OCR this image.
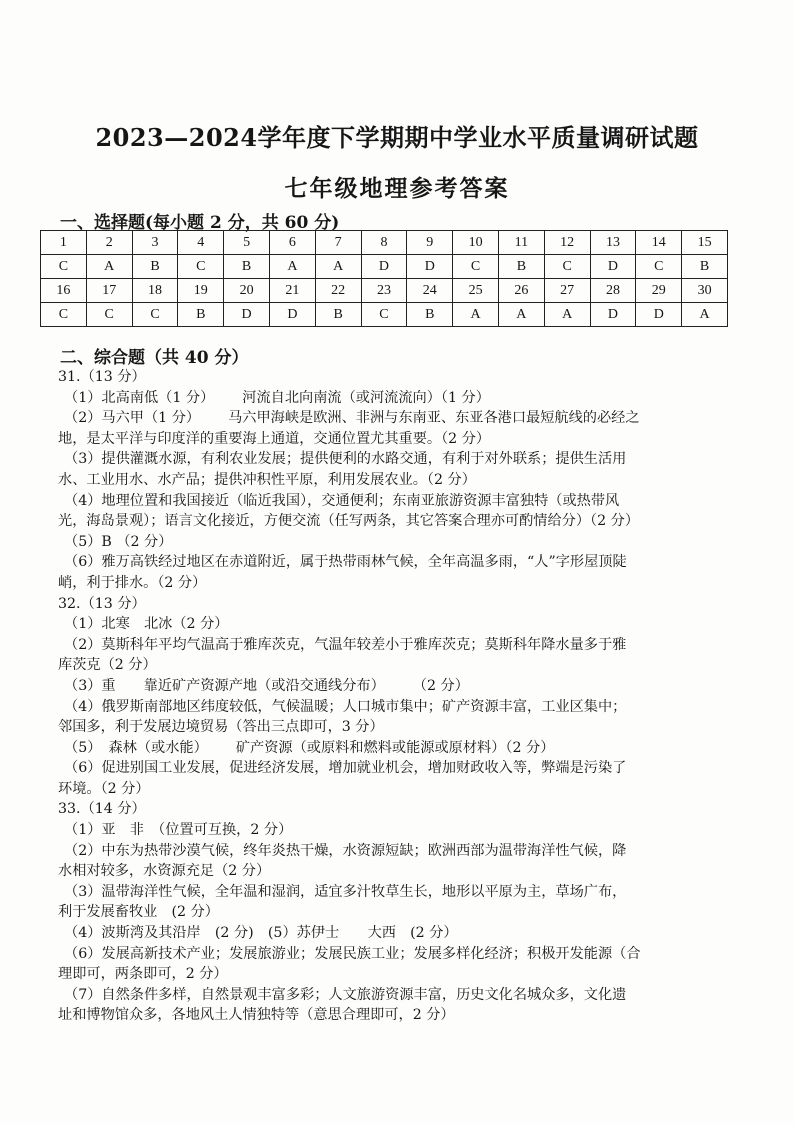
2023—2024学年度下学期期中学业水平质量调研试题
七年级地理参考答案
一、选择题(每小题 2 分，共 60 分)
1	2	3	4	5	6	7	8	9	10	11	12	13	14	15
C	A	B	C	B	A	A	D	D	C	B	C	D	C	B
16	17	18	19	20	21	22	23	24	25	26	27	28	29	30
C	C	C	B	D	D	B	C	B	A	A	A	D	D	A
二、综合题（共 40 分）
31.（13 分）
（1）北高南低（1 分） 河流自北向南流（或河流流向）（1 分）
（2）马六甲（1 分） 马六甲海峡是欧洲、非洲与东南亚、东亚各港口最短航线的必经之
地，是太平洋与印度洋的重要海上通道，交通位置尤其重要。（2 分）
（3）提供灌溉水源，有利农业发展；提供便利的水路交通，有利于对外联系；提供生活用
水、工业用水、水产品；提供冲积性平原，利用发展农业。（2 分）
（4）地理位置和我国接近（临近我国），交通便利；东南亚旅游资源丰富独特（或热带风
光，海岛景观）；语言文化接近，方便交流（任写两条，其它答案合理亦可酌情给分）（2 分）
（5）B （2 分）
（6）雅万高铁经过地区在赤道附近，属于热带雨林气候，全年高温多雨，“人”字形屋顶陡
峭，利于排水。（2 分）
32.（13 分）
（1）北寒　北冰（2 分）
（2）莫斯科年平均气温高于雅库茨克，气温年较差小于雅库茨克；莫斯科年降水量多于雅
库茨克（2 分）
（3）重 靠近矿产资源产地（或沿交通线分布） （2 分）
（4）俄罗斯南部地区纬度较低，气候温暖；人口城市集中；矿产资源丰富，工业区集中；
邻国多，利于发展边境贸易（答出三点即可，3 分）
（5）　森林（或水能） 矿产资源（或原料和燃料或能源或原材料）（2 分）
（6）促进别国工业发展，促进经济发展，增加就业机会，增加财政收入等，弊端是污染了
环境。（2 分）
33.（14 分）
（1）亚　非　（位置可互换，2 分）
（2）中东为热带沙漠气候，终年炎热干燥，水资源短缺；欧洲西部为温带海洋性气候，降
水相对较多，水资源充足（2 分）
（3）温带海洋性气候，全年温和湿润，适宜多汁牧草生长，地形以平原为主，草场广布，
利于发展畜牧业　(2 分）
（4）波斯湾及其沿岸　(2 分)　(5）苏伊士　　大西　(2 分）
（6）发展高新技术产业；发展旅游业；发展民族工业；发展多样化经济；积极开发能源（合
理即可，两条即可，2 分）
（7）自然条件多样，自然景观丰富多彩；人文旅游资源丰富，历史文化名城众多，文化遗
址和博物馆众多，各地风土人情独特等（意思合理即可，2 分）
